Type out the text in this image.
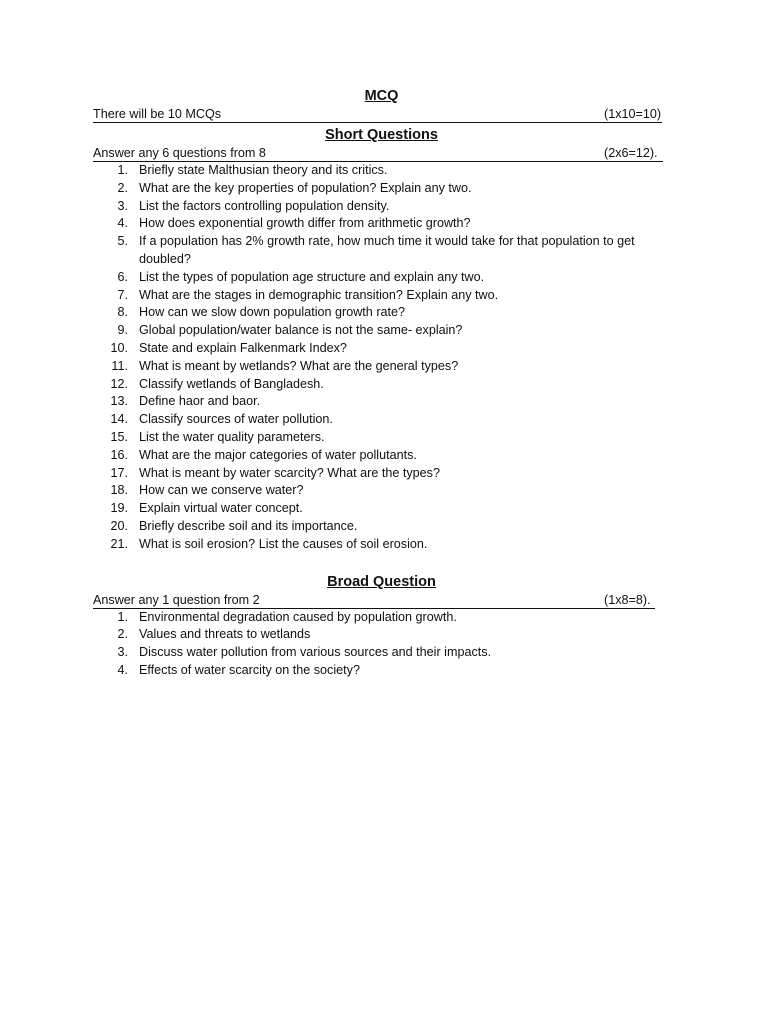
MCQ
There will be 10 MCQs	(1x10=10)
Short Questions
Answer any 6 questions from 8	(2x6=12).
1. Briefly state Malthusian theory and its critics.
2. What are the key properties of population? Explain any two.
3. List the factors controlling population density.
4. How does exponential growth differ from arithmetic growth?
5. If a population has 2% growth rate, how much time it would take for that population to get doubled?
6. List the types of population age structure and explain any two.
7. What are the stages in demographic transition? Explain any two.
8. How can we slow down population growth rate?
9. Global population/water balance is not the same- explain?
10. State and explain Falkenmark Index?
11. What is meant by wetlands? What are the general types?
12. Classify wetlands of Bangladesh.
13. Define haor and baor.
14. Classify sources of water pollution.
15. List the water quality parameters.
16. What are the major categories of water pollutants.
17. What is meant by water scarcity? What are the types?
18. How can we conserve water?
19. Explain virtual water concept.
20. Briefly describe soil and its importance.
21. What is soil erosion? List the causes of soil erosion.
Broad Question
Answer any 1 question from 2	(1x8=8).
1. Environmental degradation caused by population growth.
2. Values and threats to wetlands
3. Discuss water pollution from various sources and their impacts.
4. Effects of water scarcity on the society?
